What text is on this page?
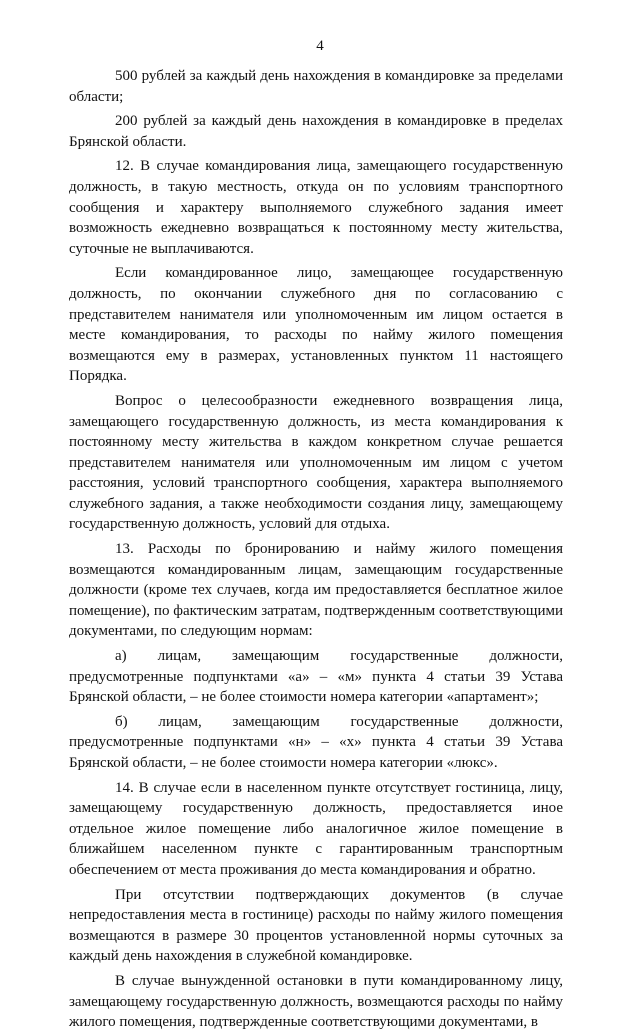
4

500 рублей за каждый день нахождения в командировке за пределами области;

200 рублей за каждый день нахождения в командировке в пределах Брянской области.

12. В случае командирования лица, замещающего государственную должность, в такую местность, откуда он по условиям транспортного сообщения и характеру выполняемого служебного задания имеет возможность ежедневно возвращаться к постоянному месту жительства, суточные не выплачиваются.

Если командированное лицо, замещающее государственную должность, по окончании служебного дня по согласованию с представителем нанимателя или уполномоченным им лицом остается в месте командирования, то расходы по найму жилого помещения возмещаются ему в размерах, установленных пунктом 11 настоящего Порядка.

Вопрос о целесообразности ежедневного возвращения лица, замещающего государственную должность, из места командирования к постоянному месту жительства в каждом конкретном случае решается представителем нанимателя или уполномоченным им лицом с учетом расстояния, условий транспортного сообщения, характера выполняемого служебного задания, а также необходимости создания лицу, замещающему государственную должность, условий для отдыха.

13. Расходы по бронированию и найму жилого помещения возмещаются командированным лицам, замещающим государственные должности (кроме тех случаев, когда им предоставляется бесплатное жилое помещение), по фактическим затратам, подтвержденным соответствующими документами, по следующим нормам:

а) лицам, замещающим государственные должности, предусмотренные подпунктами «а» – «м» пункта 4 статьи 39 Устава Брянской области, – не более стоимости номера категории «апартамент»;

б) лицам, замещающим государственные должности, предусмотренные подпунктами «н» – «х» пункта 4 статьи 39 Устава Брянской области, – не более стоимости номера категории «люкс».

14. В случае если в населенном пункте отсутствует гостиница, лицу, замещающему государственную должность, предоставляется иное отдельное жилое помещение либо аналогичное жилое помещение в ближайшем населенном пункте с гарантированным транспортным обеспечением от места проживания до места командирования и обратно.

При отсутствии подтверждающих документов (в случае непредоставления места в гостинице) расходы по найму жилого помещения возмещаются в размере 30 процентов установленной нормы суточных за каждый день нахождения в служебной командировке.

В случае вынужденной остановки в пути командированному лицу, замещающему государственную должность, возмещаются расходы по найму жилого помещения, подтвержденные соответствующими документами, в
